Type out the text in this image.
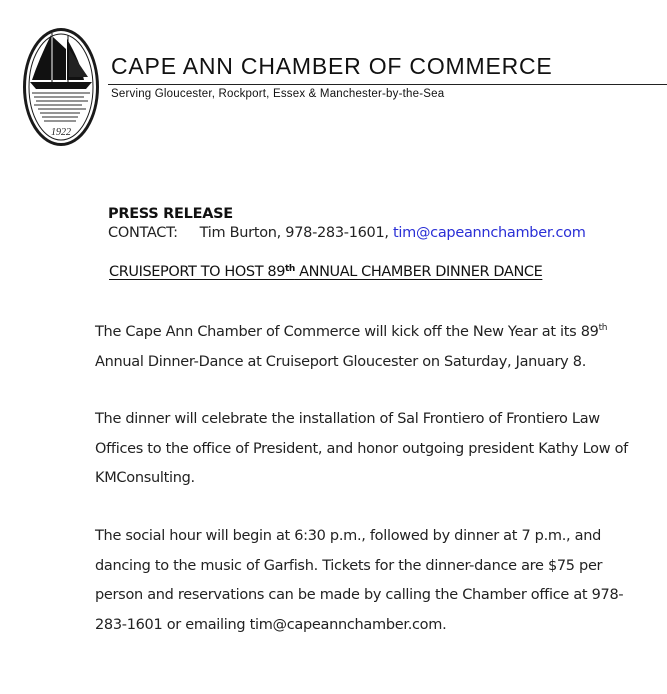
1922
CAPE ANN CHAMBER OF COMMERCE
Serving Gloucester, Rockport, Essex & Manchester-by-the-Sea
PRESS RELEASE
CONTACT: Tim Burton, 978-283-1601, tim@capeannchamber.com
CRUISEPORT TO HOST 89th ANNUAL CHAMBER DINNER DANCE

The Cape Ann Chamber of Commerce will kick off the New Year at its 89th Annual Dinner-Dance at Cruiseport Gloucester on Saturday, January 8.

The dinner will celebrate the installation of Sal Frontiero of Frontiero Law Offices to the office of President, and honor outgoing president Kathy Low of KMConsulting.

The social hour will begin at 6:30 p.m., followed by dinner at 7 p.m., and dancing to the music of Garfish. Tickets for the dinner-dance are $75 per person and reservations can be made by calling the Chamber office at 978-283-1601 or emailing tim@capeannchamber.com.
